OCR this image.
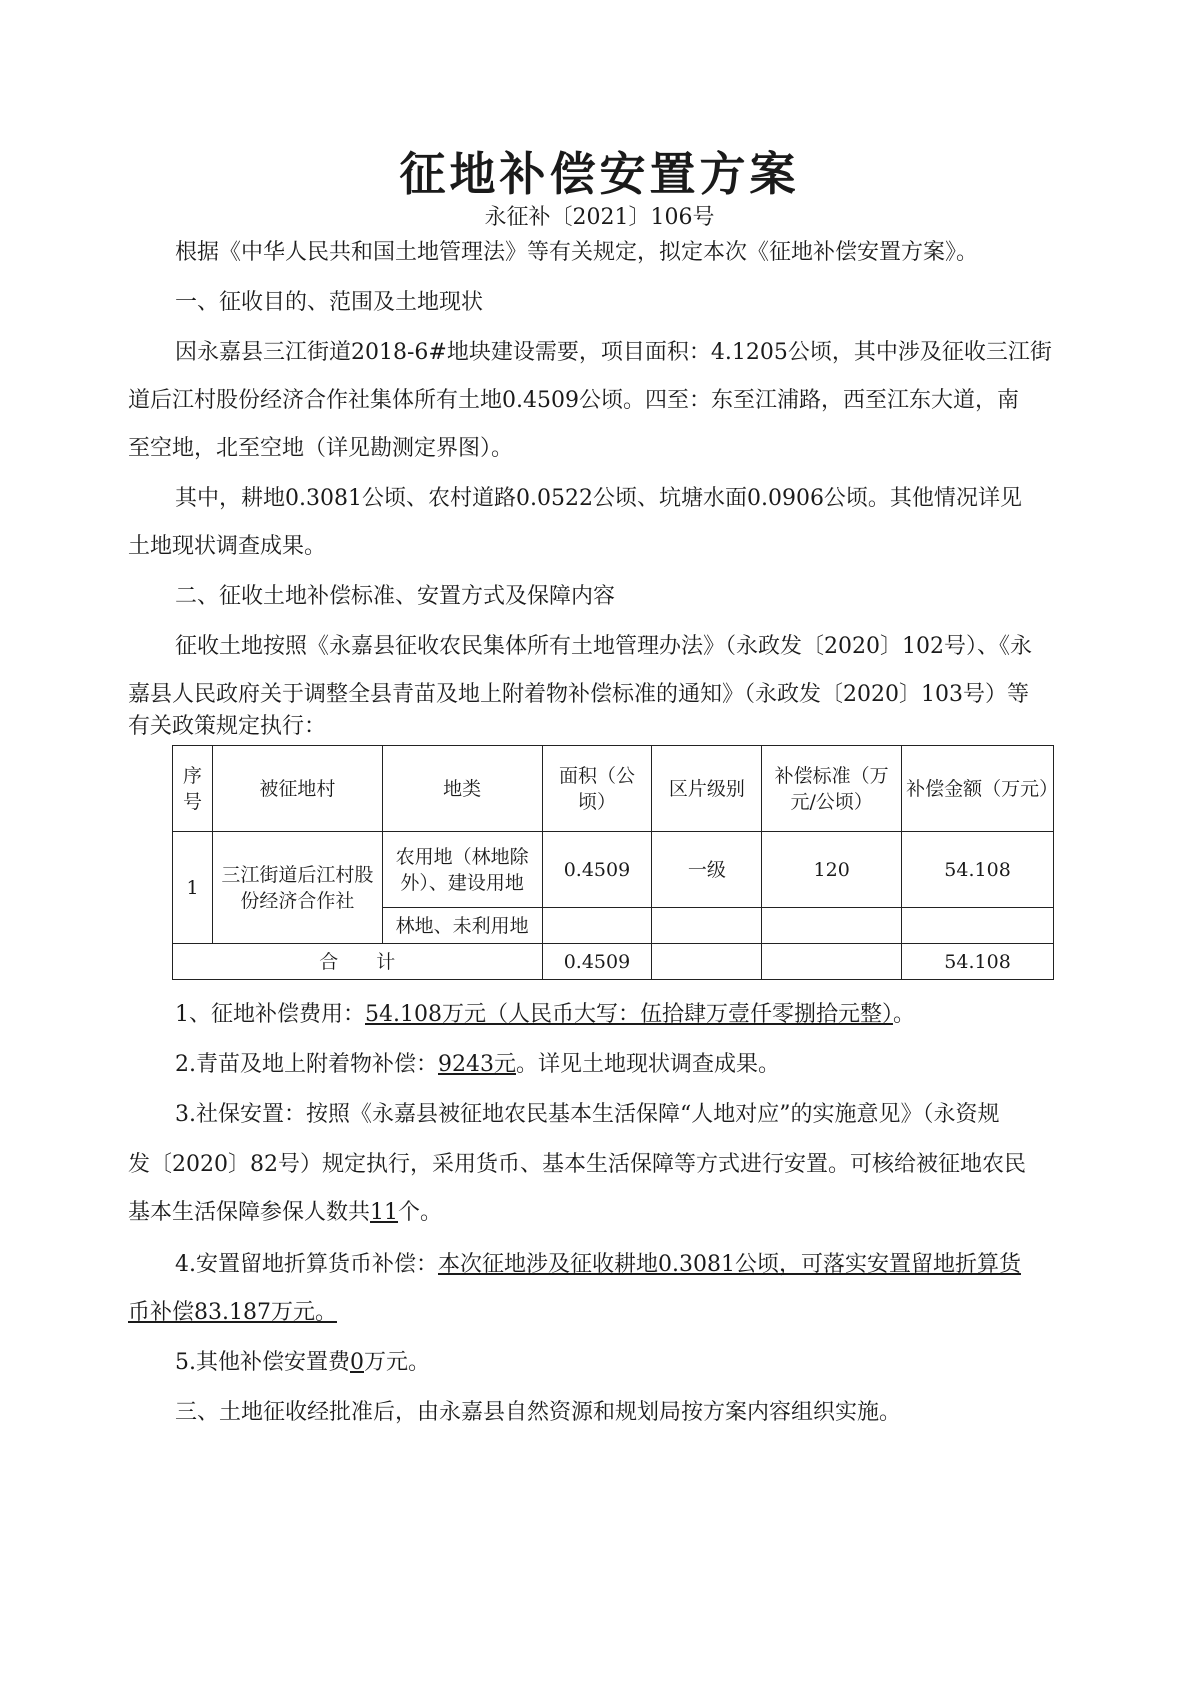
征地补偿安置方案
永征补〔2021〕106号
根据《中华人民共和国土地管理法》等有关规定，拟定本次《征地补偿安置方案》。
一、征收目的、范围及土地现状
因永嘉县三江街道2018-6#地块建设需要，项目面积：4.1205公顷，其中涉及征收三江街
道后江村股份经济合作社集体所有土地0.4509公顷。四至：东至江浦路，西至江东大道，南
至空地，北至空地（详见勘测定界图）。
其中，耕地0.3081公顷、农村道路0.0522公顷、坑塘水面0.0906公顷。其他情况详见
土地现状调查成果。
二、征收土地补偿标准、安置方式及保障内容
征收土地按照《永嘉县征收农民集体所有土地管理办法》（永政发〔2020〕102号）、《永
嘉县人民政府关于调整全县青苗及地上附着物补偿标准的通知》（永政发〔2020〕103号）等
有关政策规定执行：
序号	被征地村	地类	面积（公顷）	区片级别	补偿标准（万元/公顷）	补偿金额（万元）
1	三江街道后江村股份经济合作社	农用地（林地除外）、建设用地	0.4509	一级	120	54.108
		林地、未利用地				
合　　计			0.4509			54.108
1、征地补偿费用：54.108万元（人民币大写：伍拾肆万壹仟零捌拾元整）。
2.青苗及地上附着物补偿：9243元。详见土地现状调查成果。
3.社保安置：按照《永嘉县被征地农民基本生活保障“人地对应”的实施意见》（永资规
发〔2020〕82号）规定执行，采用货币、基本生活保障等方式进行安置。可核给被征地农民
基本生活保障参保人数共11个。
4.安置留地折算货币补偿：本次征地涉及征收耕地0.3081公顷，可落实安置留地折算货
币补偿83.187万元。
5.其他补偿安置费0万元。
三、土地征收经批准后，由永嘉县自然资源和规划局按方案内容组织实施。
